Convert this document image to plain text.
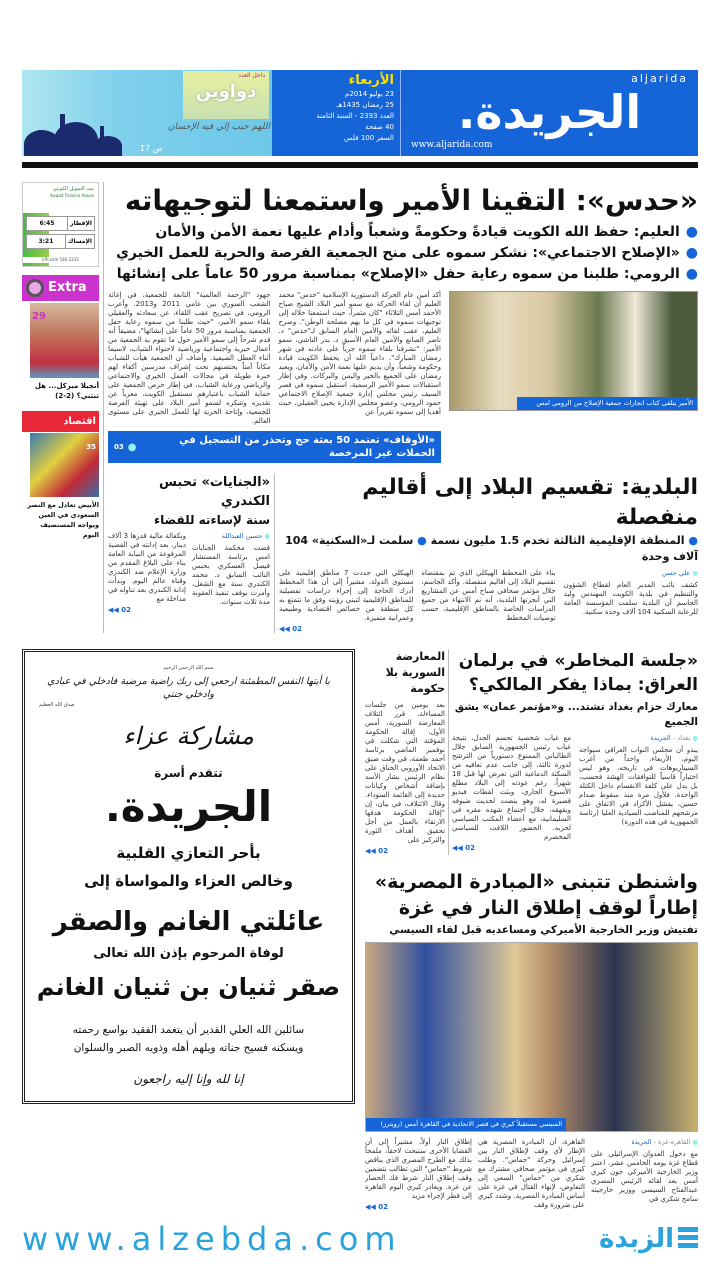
داخل العدد
دواوين
اللهم حبب إلي فيه الإحسان
ص 17
الأربعاء
23 يوليو 2014م
25 رمضان 1435هـ
العدد 2393 - السنة الثامنة
40 صفحة
السعر 100 فلس
aljarida
الجريدة.
www.aljarida.com
«حدس»: التقينا الأمير واستمعنا لتوجيهاته
●العليم: حفظ الله الكويت قيادةً وحكومةً وشعباً وأدام عليها نعمة الأمن والأمان
●«الإصلاح الاجتماعي»: نشكر سموه على منح الجمعية الفرصة والحرية للعمل الخيري
●الرومي: طلبنا من سموه رعاية حفل «الإصلاح» بمناسبة مرور 50 عاماً على إنشائها
الأمير يتلقى كتاب انجازات جمعية الإصلاح من الرومي امس
أكد أمين عام الحركة الدستورية الإسلامية "حدس" محمد العليم أن لقاء الحركة مع سمو أمير البلاد الشيخ صباح الأحمد أمس الثلاثاء "كان مثمراً، حيث استمعنا خلاله إلى توجيهات سموه في كل ما يهم مصلحة الوطن". وصرح العليم، عقب لقائه والأمين العام السابق لـ"حدس" د. ناصر الصانع والأمين العام الأسبق د. بدر الناشي، سمو الأمير: "تشرفنا بلقاء سموه جرياً على عادته في شهر رمضان المبارك"، داعياً الله أن يحفظ الكويت قيادة وحكومة وشعباً، وأن يديم عليها نعمة الأمن والأمان، ويعيد رمضان على الجميع بالخير واليمن والبركات. وفي إطار استقبالات سمو الأمير الرسمية، استقبل سموه في قصر السيف رئيس مجلس إدارة جمعية الإصلاح الاجتماعي حمود الرومي، وعضو مجلس الإدارة يحيى العقيلي، حيث أهديا إلى سموه تقريراً عن
جهود "الرحمة العالمية" التابعة للجمعية، في إغاثة الشعب السوري بين عامي 2011 و2013. وأعرب الرومي، في تصريح عقب اللقاء، عن سعادته والعقيلي بلقاء سمو الأمير، "حيث طلبنا من سموه رعاية حفل الجمعية بمناسبة مرور 50 عاماً على إنشائها"، مضيفاً أنه قدم شرحاً إلى سمو الأمير حول ما تقوم به الجمعية من أعمال خيرية واجتماعية ورياضية لاحتواء الشباب، لاسيما أثناء العطل الصيفية. وأضاف أن الجمعية هيأت للشباب مكاناً آمناً يحتضنهم تحت إشراف مدرسين أكفاء لهم خبرة طويلة في مجالات العمل الخيري والاجتماعي والرياضي ورعاية الشباب، في إطار حرص الجمعية على حماية الشباب باعتبارهم مستقبل الكويت، معرباً عن تقديره وشكره لسمو أمير البلاد على تهيئة الفرصة للجمعية، وإتاحة الحرية لها للعمل الخيري على مستوى العالم.
«الأوقاف» تعتمد 50 بعثة حج وتحذر من التسجيل في الحملات غير المرخصة
●
03
البلدية: تقسيم البلاد إلى أقاليم منفصلة
● المنطقة الإقليمية الثالثة تخدم 1.5 مليون نسمة ● سلمت لـ«السكنية» 104 آلاف وحدة
● علي حسن
كشف نائب المدير العام لقطاع الشؤون والتنظيم في بلدية الكويت المهندس وليد الجاسم أن البلدية سلمت المؤسسة العامة للرعاية السكنية 104 آلاف وحدة سكنية.
بناء على المخطط الهيكلي الذي تم بمقتضاه تقسيم البلاد إلى أقاليم منفصلة. وأكد الجاسم، خلال مؤتمر صحافي صباح أمس عن المشاريع التي أنجزتها البلدية، أنه تم الانتهاء من جميع الدراسات الخاصة بالمناطق الإقليمية، حسب توصيات المخطط
الهيكلي التي حددت 7 مناطق إقليمية على مستوى الدولة، مشيراً إلى أن هذا المخطط أدرك الحاجة إلى إجراء دراسات تفصيلية للمناطق الإقليمية لتبني رؤيته وفق ما تتمتع به كل منطقة من خصائص اقتصادية وطبيعية وعمرانية متميزة.
◀◀ 02
«الجنايات» تحبس الكندري
سنة لإساءته للقضاء
● حسين العبدالله
قضت محكمة الجنايات امس برئاسة المستشار فيصل العسكري بحبس النائب السابق د. محمد الكندري سنة مع الشغل، وأمرت بوقف تنفيذ العقوبة مدة ثلاث سنوات.
وبكفالة مالية قدرها 3 آلاف دينار، بعد إدانته في القضية المرفوعة من النيابة العامة بناء على البلاغ المقدم من وزارة الإعلام ضد الكندري وقناة عالم اليوم. وبدأت إدانة الكندري بعد تناوله في مداخلة مع
◀◀ 02
بيت التمويل الكويتي
Kuwait Finance House
الإفطار
6:45
الإمساك
3:21
kfh.com 180 3333
Extra
29
أنجيلا ميركل... هل تنثني؟ (2-2)
اقتصاد
35
الأبيض تعادل مع النصر السعودي في العين ويواجه المستضيف اليوم
بسم الله الرحمن الرحيم
يا أيتها النفس المطمئنة ارجعي إلى ربك راضية مرضية فادخلي في عبادي وادخلي جنتي
صدق الله العظيم
مشاركة عزاء
تتقدم أسرة
الجريدة.
بأحر التعازي القلبية
وخالص العزاء والمواساة إلى
عائلتي الغانم والصقر
لوفاة المرحوم بإذن الله تعالى
صقر ثنيان بن ثنيان الغانم
سائلين الله العلي القدير أن يتغمد الفقيد بواسع رحمته
ويسكنه فسيح جناته ويلهم أهله وذويه الصبر والسلوان
إنا لله وإنا إليه راجعون
«جلسة المخاطر» في برلمان العراق: بماذا يفكر المالكي؟
معارك حزام بغداد تشتد... و«مؤتمر عمان» يشق الجميع
● بغداد - الجريدة
يبدو أن مجلس النواب العراقي سيواجه اليوم، الأربعاء، واحداً من أغرب السيناريوهات في تاريخه، وهو ليس اختباراً قاسياً للتوافقات الهشة فحسب، بل يدل على كلفة الانقسام داخل الكتلة الواحدة. فلأول مرة منذ سقوط صدام حسين، يفشل الأكراد في الاتفاق على مرشحهم للمناصب السيادية العليا (رئاسة الجمهورية في هذه الدورة)
مع غياب شخصية تحسم الجدل، نتيجة غياب رئيس الجمهورية السابق جلال الطالباني الممنوع دستورياً من الترشح لدورة ثالثة، إلى جانب عدم تعافيه من السكتة الدماغية التي تعرض لها قبل 18 شهراً، رغم عودته إلى البلاد مطلع الأسبوع الجاري، وبثت لقطات فيديو قصيرة له، وهو ينصت لحديث ضيوفه ويقهقه، خلال اجتماع شهده مقره في السليمانية، مع أعضاء المكتب السياسي لحزبه. الحضور اللافت للسياسي المخضرم
◀◀ 02
المعارضة السورية بلا حكومة
بعد يومين من جلسات المساءلة، قرر ائتلاف المعارضة السورية، أمس الأول، إقالة الحكومة المؤقتة التي شكلت في نوفمبر الماضي برئاسة أحمد طعمة، في وقت ضيق الاتحاد الأوروبي الخناق على نظام الرئيس بشار الأسد بإضافة أشخاص وكيانات جديدة إلى القائمة السوداء. وقال الائتلاف، في بيان، إن "إقالة الحكومة هدفها الارتقاء بالعمل من أجل تحقيق أهداف الثورة والتركيز على
◀◀ 02
واشنطن تتبنى «المبادرة المصرية»
إطاراً لوقف إطلاق النار في غزة
تفتيش وزير الخارجية الأميركي ومساعديه قبل لقاء السيسي
السيسي مستقبلاً كيري في قصر الاتحادية في القاهرة أمس (رويترز)
● القاهرة-غزة - الجريدة
مع دخول العدوان الإسرائيلي على قطاع غزة يومه الخامس عشر، اعتبر وزير الخارجية الأميركي جون كيري أمس بعد لقائه الرئيس المصري عبدالفتاح السيسي ووزير خارجيته سامح شكري في
القاهرة، أن المبادرة المصرية هي الإطار لأي وقف لإطلاق النار بين إسرائيل وحركة "حماس". وطلب كيري في مؤتمر صحافي مشترك مع شكري من "حماس" السعي إلى التفاوض، لإنهاء القتال في غزة على أساس المبادرة المصرية. وشدد كيري على ضرورة وقف
إطلاق النار أولاً، مشيراً إلى أن القضايا الأخرى ستبحث لاحقاً، ملمحاً بذلك مع الطرح المصري الذي يناقض شروط "حماس" التي تطالب بتضمين وقف إطلاق النار شرط فك الحصار عن غزة. ويغادر كيري اليوم القاهرة إلى قطر لإجراء مزيد
◀◀ 02
www.alzebda.com	الزبدة
